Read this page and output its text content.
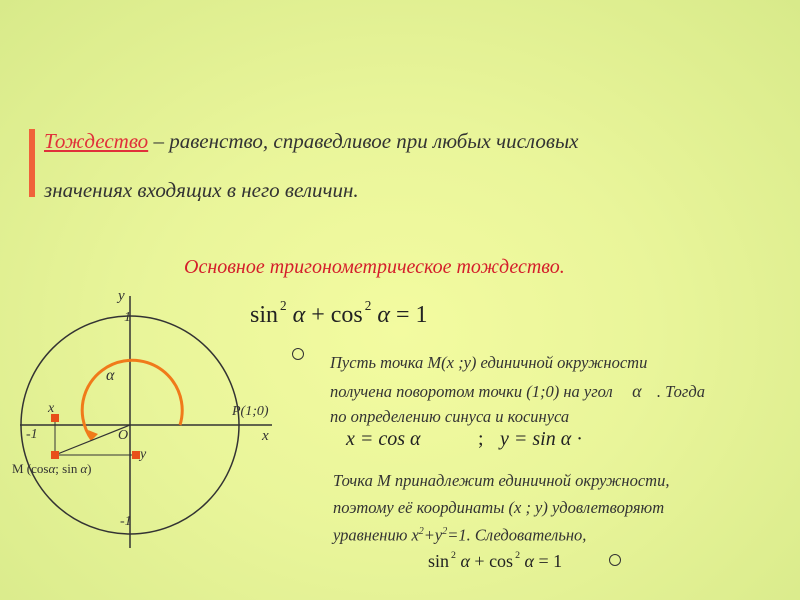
Тождество – равенство, справедливое при любых числовых
значениях входящих в него величин.
Основное тригонометрическое тождество.
sin $^2$ α + cos $^2$ α = 1
Пусть точка M(x ;y) единичной окружности
получена поворотом точки (1;0) на угол α . Тогда
по определению синуса и косинуса
x = cos α	; y = sin α ·
Точка M принадлежит единичной окружности,
поэтому её координаты (x ; y) удовлетворяют
уравнению $x^2+y^2=1$. Следовательно,
sin $^2$ α + cos $^2$ α = 1
y
x
1
-1
-1
O
P(1;0)
α
x
y
M (cosα; sin α)
